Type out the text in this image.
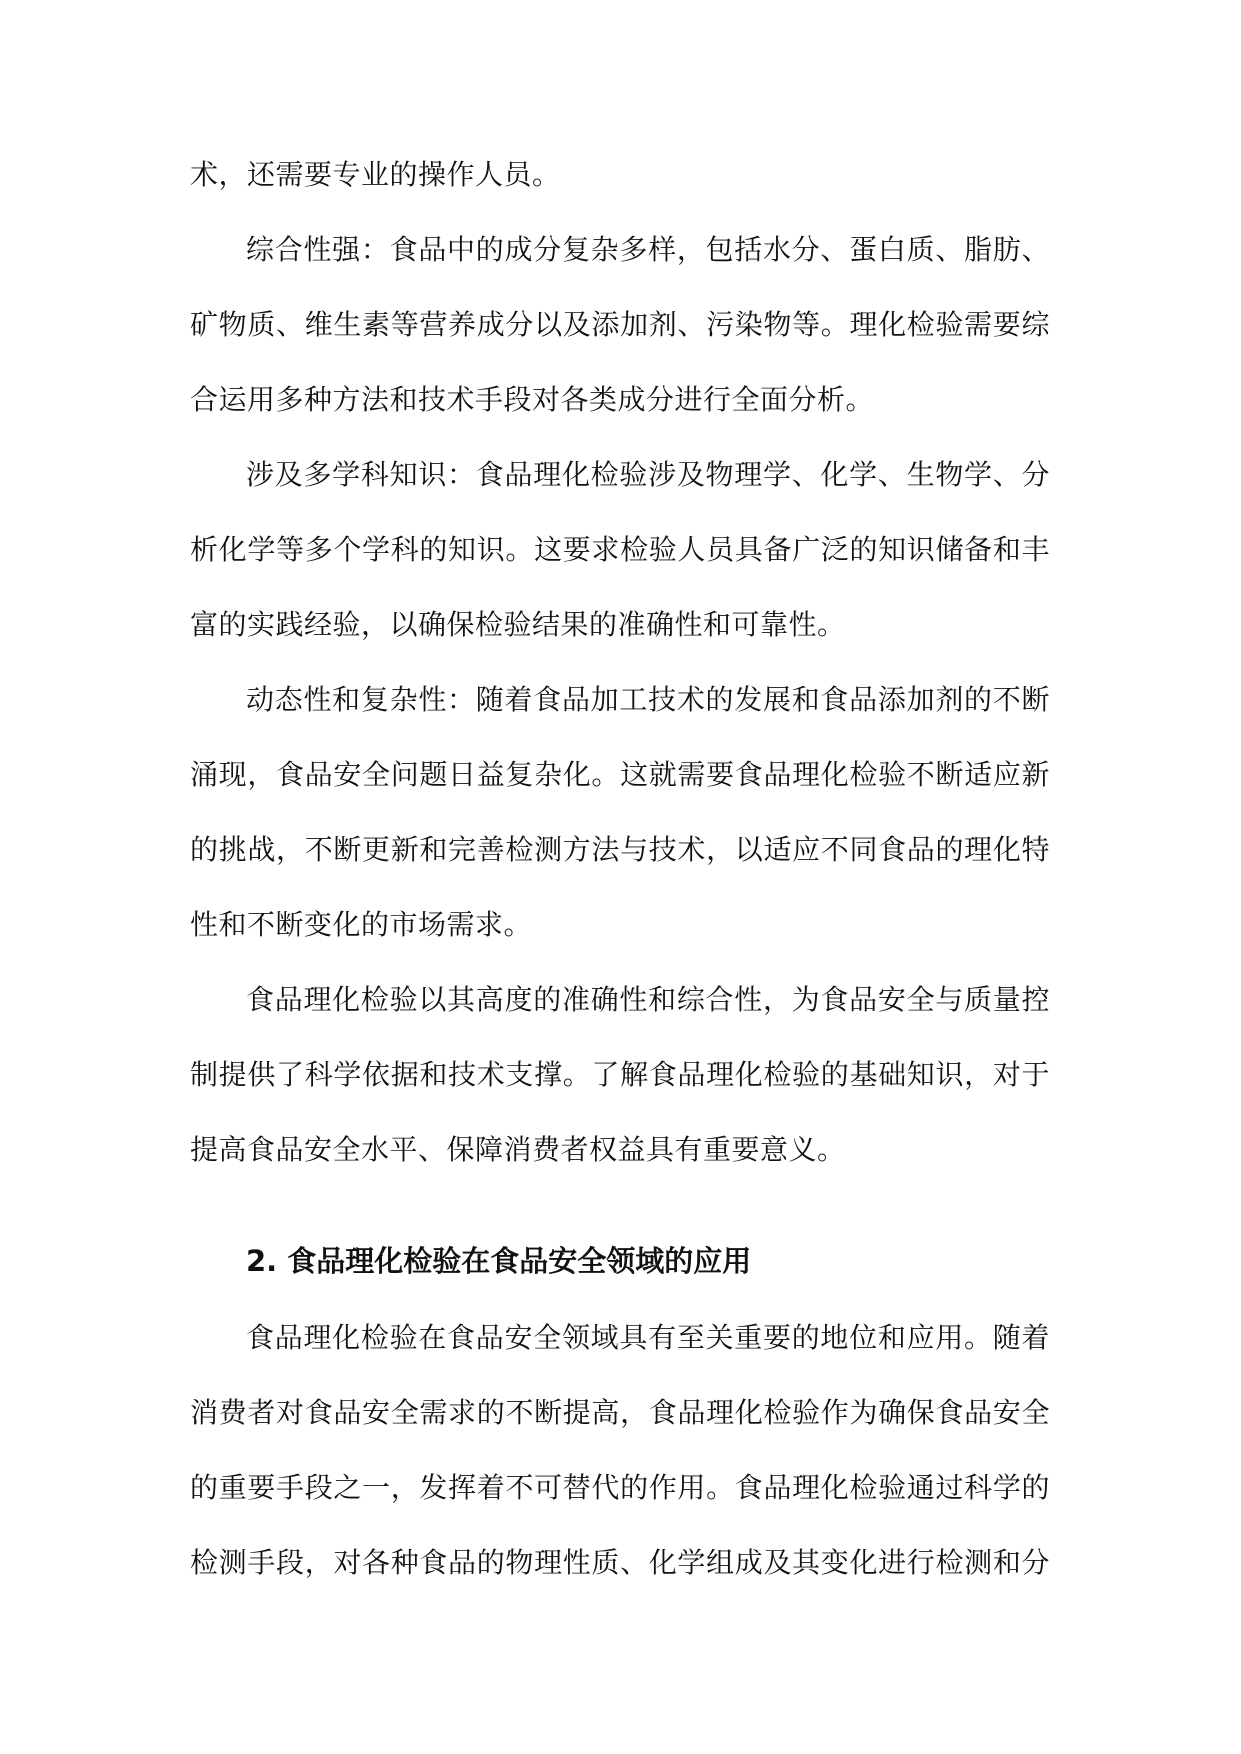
术，还需要专业的操作人员。
综合性强：食品中的成分复杂多样，包括水分、蛋白质、脂肪、
矿物质、维生素等营养成分以及添加剂、污染物等。理化检验需要综
合运用多种方法和技术手段对各类成分进行全面分析。
涉及多学科知识：食品理化检验涉及物理学、化学、生物学、分
析化学等多个学科的知识。这要求检验人员具备广泛的知识储备和丰
富的实践经验，以确保检验结果的准确性和可靠性。
动态性和复杂性：随着食品加工技术的发展和食品添加剂的不断
涌现，食品安全问题日益复杂化。这就需要食品理化检验不断适应新
的挑战，不断更新和完善检测方法与技术，以适应不同食品的理化特
性和不断变化的市场需求。
食品理化检验以其高度的准确性和综合性，为食品安全与质量控
制提供了科学依据和技术支撑。了解食品理化检验的基础知识，对于
提高食品安全水平、保障消费者权益具有重要意义。
2. 食品理化检验在食品安全领域的应用
食品理化检验在食品安全领域具有至关重要的地位和应用。随着
消费者对食品安全需求的不断提高，食品理化检验作为确保食品安全
的重要手段之一，发挥着不可替代的作用。食品理化检验通过科学的
检测手段，对各种食品的物理性质、化学组成及其变化进行检测和分
